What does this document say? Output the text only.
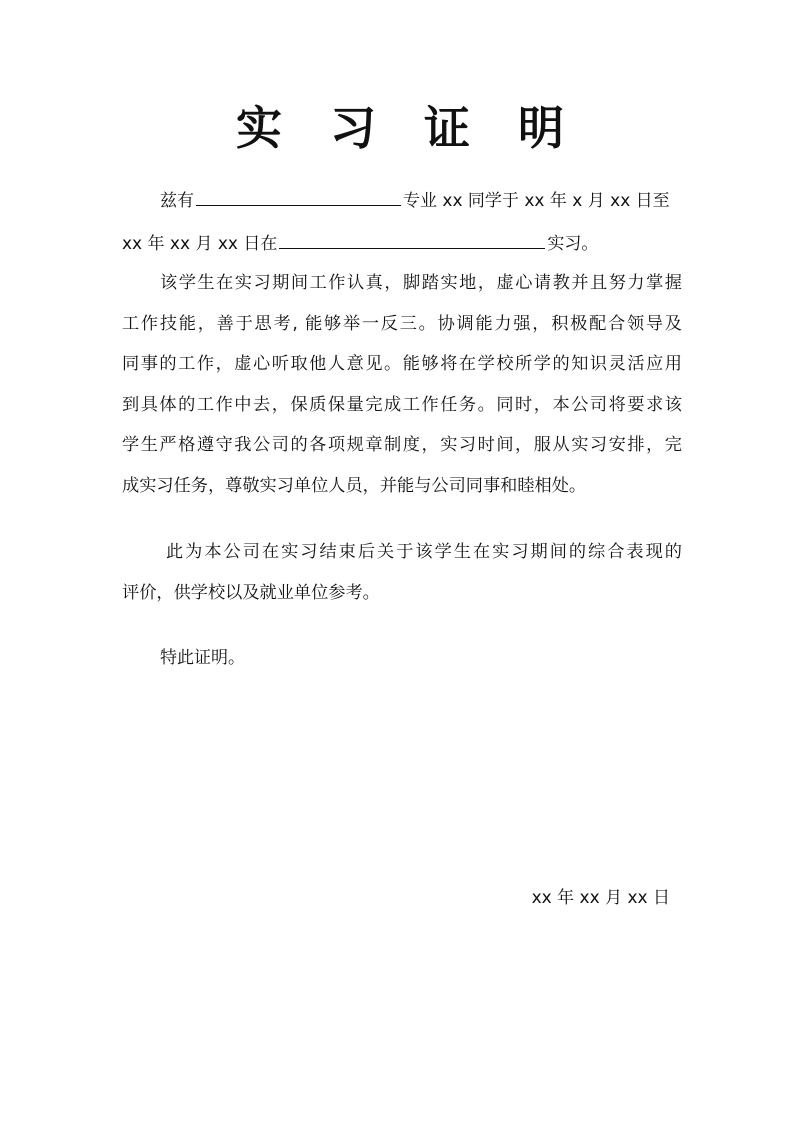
实 习 证 明
兹有	专业 xx 同学于 xx 年 x 月 xx 日至
xx 年 xx 月 xx 日在	实习。
该学生在实习期间工作认真，脚踏实地，虚心请教并且努力掌握
工作技能，善于思考, 能够举一反三。协调能力强，积极配合领导及
同事的工作，虚心听取他人意见。能够将在学校所学的知识灵活应用
到具体的工作中去，保质保量完成工作任务。同时，本公司将要求该
学生严格遵守我公司的各项规章制度，实习时间，服从实习安排，完
成实习任务，尊敬实习单位人员，并能与公司同事和睦相处。
此为本公司在实习结束后关于该学生在实习期间的综合表现的
评价，供学校以及就业单位参考。
特此证明。
xx 年 xx 月 xx 日
